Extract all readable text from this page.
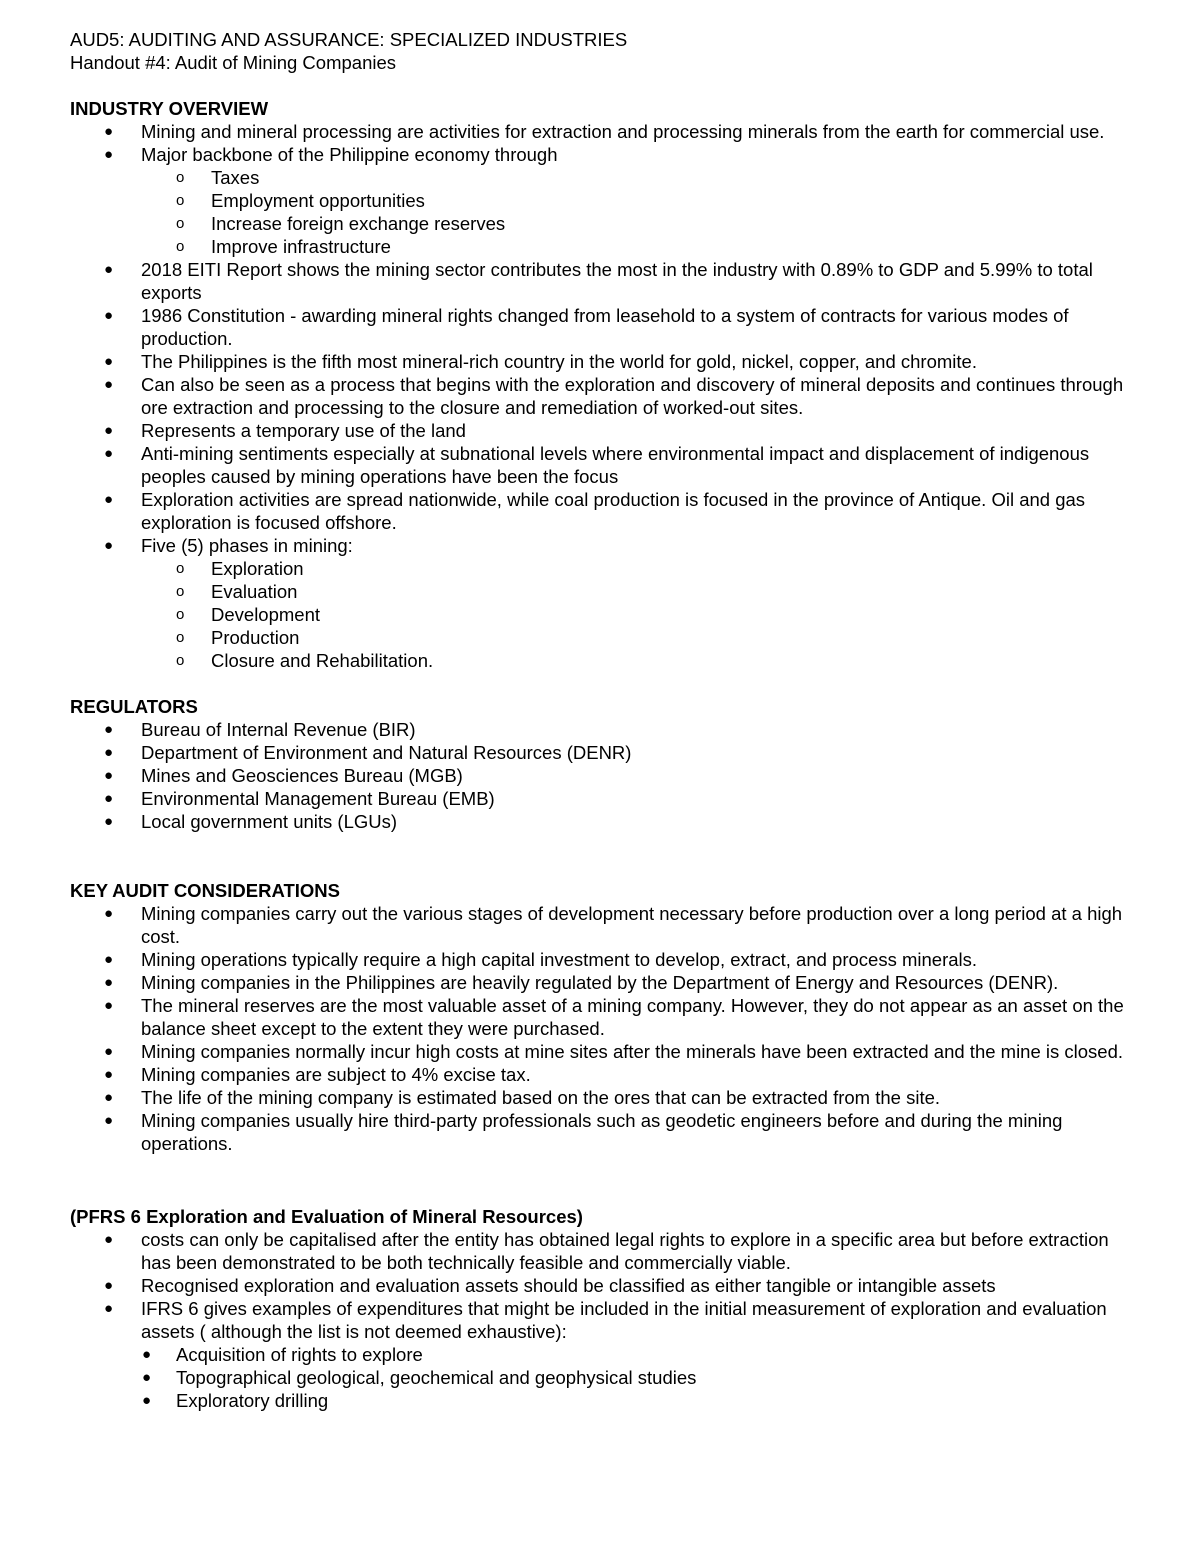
AUD5: AUDITING AND ASSURANCE: SPECIALIZED INDUSTRIES

Handout #4: Audit of Mining Companies

INDUSTRY OVERVIEW

● Mining and mineral processing are activities for extraction and processing minerals from the earth for commercial use.
● Major backbone of the Philippine economy through
o Taxes
o Employment opportunities
o Increase foreign exchange reserves
o Improve infrastructure
● 2018 EITI Report shows the mining sector contributes the most in the industry with 0.89% to GDP and 5.99% to total exports
● 1986 Constitution - awarding mineral rights changed from leasehold to a system of contracts for various modes of production.
● The Philippines is the fifth most mineral-rich country in the world for gold, nickel, copper, and chromite.
● Can also be seen as a process that begins with the exploration and discovery of mineral deposits and continues through ore extraction and processing to the closure and remediation of worked-out sites.
● Represents a temporary use of the land
● Anti-mining sentiments especially at subnational levels where environmental impact and displacement of indigenous peoples caused by mining operations have been the focus
● Exploration activities are spread nationwide, while coal production is focused in the province of Antique. Oil and gas exploration is focused offshore.
● Five (5) phases in mining:
o Exploration
o Evaluation
o Development
o Production
o Closure and Rehabilitation.

REGULATORS

● Bureau of Internal Revenue (BIR)
● Department of Environment and Natural Resources (DENR)
● Mines and Geosciences Bureau (MGB)
● Environmental Management Bureau (EMB)
● Local government units (LGUs)

KEY AUDIT CONSIDERATIONS

● Mining companies carry out the various stages of development necessary before production over a long period at a high cost.
● Mining operations typically require a high capital investment to develop, extract, and process minerals.
● Mining companies in the Philippines are heavily regulated by the Department of Energy and Resources (DENR).
● The mineral reserves are the most valuable asset of a mining company. However, they do not appear as an asset on the balance sheet except to the extent they were purchased.
● Mining companies normally incur high costs at mine sites after the minerals have been extracted and the mine is closed.
● Mining companies are subject to 4% excise tax.
● The life of the mining company is estimated based on the ores that can be extracted from the site.
● Mining companies usually hire third-party professionals such as geodetic engineers before and during the mining operations.

(PFRS 6 Exploration and Evaluation of Mineral Resources)

● costs can only be capitalised after the entity has obtained legal rights to explore in a specific area but before extraction has been demonstrated to be both technically feasible and commercially viable.
● Recognised exploration and evaluation assets should be classified as either tangible or intangible assets
● IFRS 6 gives examples of expenditures that might be included in the initial measurement of exploration and evaluation assets ( although the list is not deemed exhaustive):
● Acquisition of rights to explore
● Topographical geological, geochemical and geophysical studies
● Exploratory drilling
